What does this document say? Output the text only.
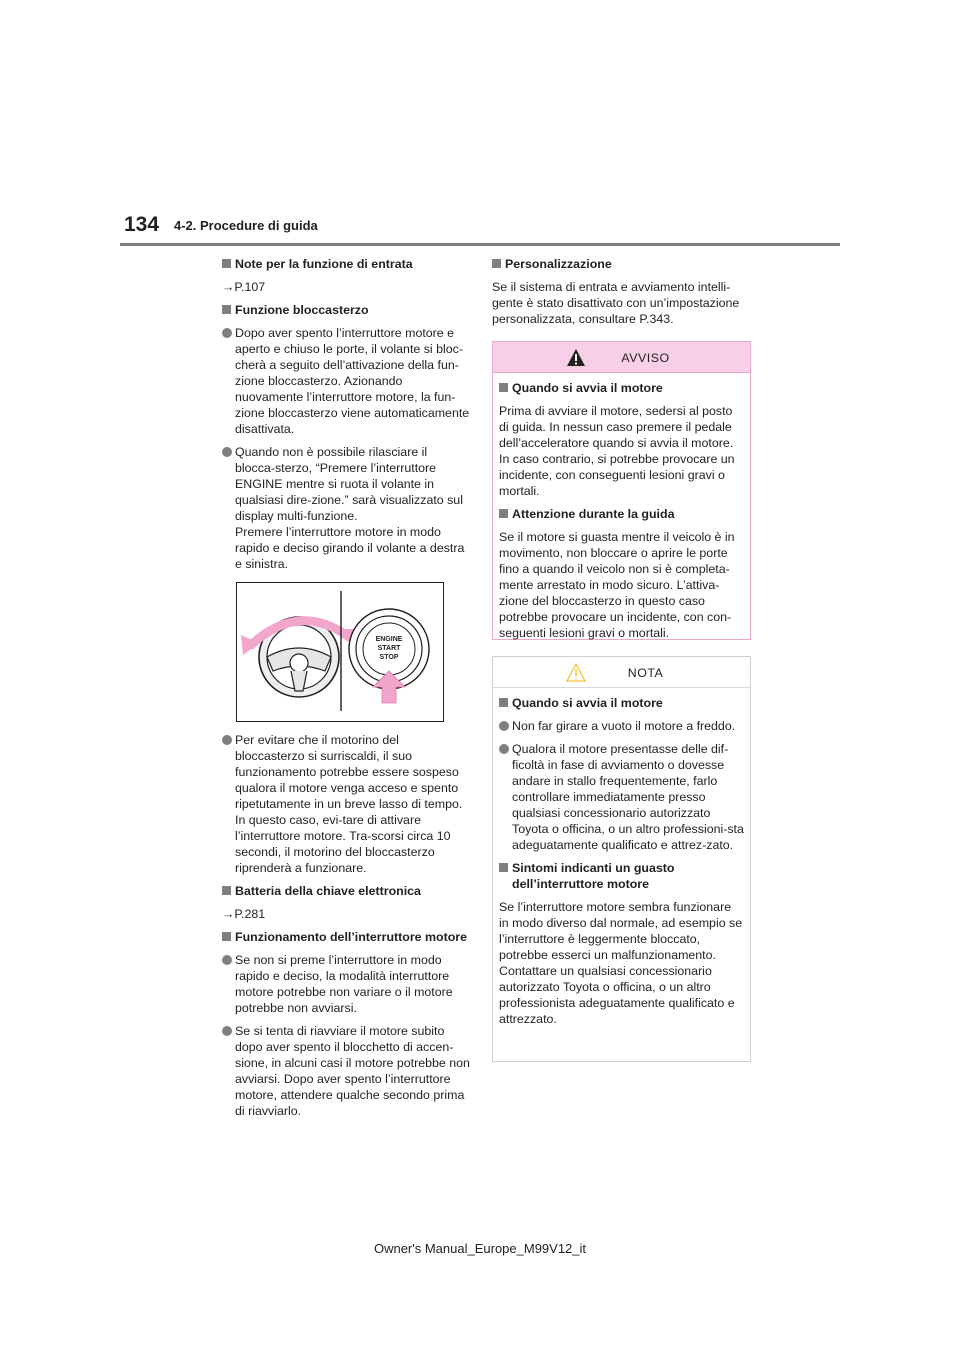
134 4-2. Procedure di guida
Note per la funzione di entrata
→P.107
Funzione bloccasterzo
Dopo aver spento l’interruttore motore e aperto e chiuso le porte, il volante si bloc-cherà a seguito dell’attivazione della fun-zione bloccasterzo. Azionando nuovamente l’interruttore motore, la fun-zione bloccasterzo viene automaticamente disattivata.
Quando non è possibile rilasciare il blocca-sterzo, “Premere l’interruttore ENGINE mentre si ruota il volante in qualsiasi dire-zione.” sarà visualizzato sul display multi-funzione.
Premere l’interruttore motore in modo rapido e deciso girando il volante a destra e sinistra.
ENGINE
START
STOP
Per evitare che il motorino del bloccasterzo si surriscaldi, il suo funzionamento potrebbe essere sospeso qualora il motore venga acceso e spento ripetutamente in un breve lasso di tempo. In questo caso, evi-tare di attivare l’interruttore motore. Tra-scorsi circa 10 secondi, il motorino del bloccasterzo riprenderà a funzionare.
Batteria della chiave elettronica
→P.281
Funzionamento dell’interruttore motore
Se non si preme l’interruttore in modo rapido e deciso, la modalità interruttore motore potrebbe non variare o il motore potrebbe non avviarsi.
Se si tenta di riavviare il motore subito dopo aver spento il blocchetto di accen-sione, in alcuni casi il motore potrebbe non avviarsi. Dopo aver spento l’interruttore motore, attendere qualche secondo prima di riavviarlo.
Personalizzazione
Se il sistema di entrata e avviamento intelli-gente è stato disattivato con un’impostazione personalizzata, consultare P.343.
AVVISO
Quando si avvia il motore
Prima di avviare il motore, sedersi al posto di guida. In nessun caso premere il pedale dell’acceleratore quando si avvia il motore. In caso contrario, si potrebbe provocare un incidente, con conseguenti lesioni gravi o mortali.
Attenzione durante la guida
Se il motore si guasta mentre il veicolo è in movimento, non bloccare o aprire le porte fino a quando il veicolo non si è completa-mente arrestato in modo sicuro. L’attiva-zione del bloccasterzo in questo caso potrebbe provocare un incidente, con con-seguenti lesioni gravi o mortali.
NOTA
Quando si avvia il motore
Non far girare a vuoto il motore a freddo.
Qualora il motore presentasse delle dif-ficoltà in fase di avviamento o dovesse andare in stallo frequentemente, farlo controllare immediatamente presso qualsiasi concessionario autorizzato Toyota o officina, o un altro professioni-sta adeguatamente qualificato e attrez-zato.
Sintomi indicanti un guasto dell’interruttore motore
Se l’interruttore motore sembra funzionare in modo diverso dal normale, ad esempio se l’interruttore è leggermente bloccato, potrebbe esserci un malfunzionamento. Contattare un qualsiasi concessionario autorizzato Toyota o officina, o un altro professionista adeguatamente qualificato e attrezzato.
Owner's Manual_Europe_M99V12_it
